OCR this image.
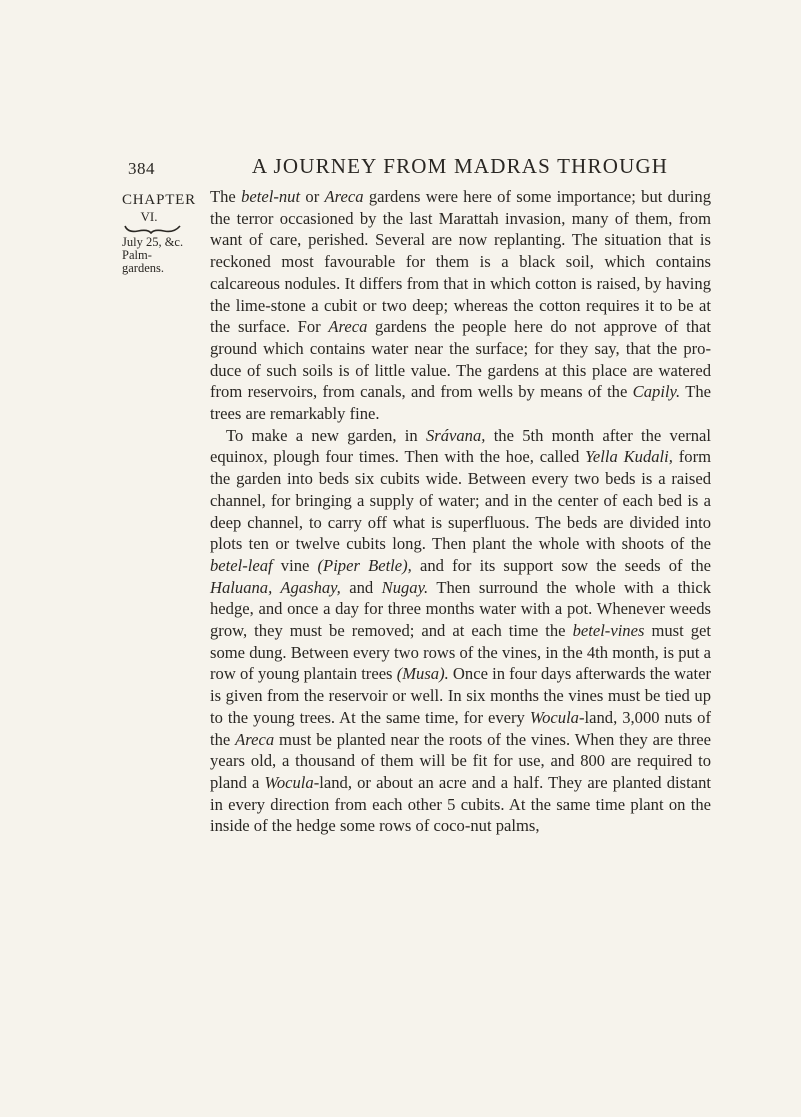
384	A JOURNEY FROM MADRAS THROUGH
CHAPTER
VI.
July 25, &c.
Palm-
gardens.

The betel-nut or Areca gardens were here of some importance; but during the terror occasioned by the last Marattah invasion, many of them, from want of care, perished. Several are now replanting. The situation that is reckoned most favourable for them is a black soil, which contains calcareous nodules. It differs from that in which cotton is raised, by having the lime-stone a cubit or two deep; whereas the cotton requires it to be at the surface. For Areca gardens the people here do not approve of that ground which contains water near the surface; for they say, that the produce of such soils is of little value. The gardens at this place are watered from reservoirs, from canals, and from wells by means of the Capily. The trees are remarkably fine.

To make a new garden, in Srávana, the 5th month after the vernal equinox, plough four times. Then with the hoe, called Yella Kudali, form the garden into beds six cubits wide. Between every two beds is a raised channel, for bringing a supply of water; and in the center of each bed is a deep channel, to carry off what is superfluous. The beds are divided into plots ten or twelve cubits long. Then plant the whole with shoots of the betel-leaf vine (Piper Betle), and for its support sow the seeds of the Haluana, Agashay, and Nugay. Then surround the whole with a thick hedge, and once a day for three months water with a pot. Whenever weeds grow, they must be removed; and at each time the betel-vines must get some dung. Between every two rows of the vines, in the 4th month, is put a row of young plantain trees (Musa). Once in four days afterwards the water is given from the reservoir or well. In six months the vines must be tied up to the young trees. At the same time, for every Wocula-land, 3,000 nuts of the Areca must be planted near the roots of the vines. When they are three years old, a thousand of them will be fit for use, and 800 are required to pland a Wocula-land, or about an acre and a half. They are planted distant in every direction from each other 5 cubits. At the same time plant on the inside of the hedge some rows of coco-nut palms,
